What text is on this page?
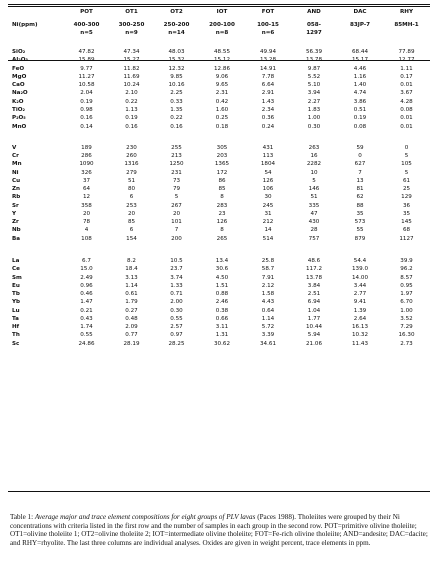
	POT	OT1	OT2	IOT	FOT	AND	DAC	RHY

Ni(ppm)	400-300	300-250	250-200	200-100	100-15	058-	83JP-7	85MH-1
	n=5	n=9	n=14	n=8	n=6	1297		

SiO₂	47.82	47.34	48.03	48.55	49.94	56.39	68.44	77.89
Al₂O₃	15.89	15.27	15.32	15.12	13.28	13.78	15.17	12.77
FeO	9.77	11.82	12.32	12.86	14.91	9.87	4.46	1.11
MgO	11.27	11.69	9.85	9.06	7.78	5.52	1.16	0.17
CaO	10.58	10.24	10.16	9.65	6.64	5.10	1.40	0.01
Na₂O	2.04	2.10	2.25	2.31	2.91	3.94	4.74	3.67
K₂O	0.19	0.22	0.33	0.42	1.43	2.27	3.86	4.28
TiO₂	0.98	1.13	1.35	1.60	2.34	1.83	0.51	0.08
P₂O₅	0.16	0.19	0.22	0.25	0.36	1.00	0.19	0.01
MnO	0.14	0.16	0.16	0.18	0.24	0.30	0.08	0.01

V	189	230	255	305	431	263	59	0
Cr	286	260	213	203	113	16	0	5
Mn	1090	1316	1250	1365	1804	2282	627	105
Ni	326	279	231	172	54	10	7	5
Cu	37	51	73	86	126	5	13	61
Zn	64	80	79	85	106	146	81	25
Rb	12	6	5	8	30	51	62	129
Sr	358	253	267	283	245	335	88	36
Y	20	20	20	23	31	47	35	35
Zr	78	85	101	126	212	430	573	145
Nb	4	6	7	8	14	28	55	68
Ba	108	154	200	265	514	757	879	1127

La	6.7	8.2	10.5	13.4	25.8	48.6	54.4	39.9
Ce	15.0	18.4	23.7	30.6	58.7	117.2	139.0	96.2
Sm	2.49	3.13	3.74	4.50	7.91	13.78	14.00	8.57
Eu	0.96	1.14	1.33	1.51	2.12	3.84	3.44	0.95
Tb	0.46	0.61	0.71	0.88	1.58	2.51	2.77	1.97
Yb	1.47	1.79	2.00	2.46	4.43	6.94	9.41	6.70
Lu	0.21	0.27	0.30	0.38	0.64	1.04	1.39	1.00
Ta	0.43	0.48	0.55	0.66	1.14	1.77	2.64	3.52
Hf	1.74	2.09	2.57	3.11	5.72	10.44	16.13	7.29
Th	0.55	0.77	0.97	1.31	3.39	5.94	10.32	16.30
Sc	24.86	28.19	28.25	30.62	34.61	21.06	11.43	2.73
Table 1: Average major and trace element compositions for eight groups of PLV lavas (Paces 1988). Tholeiites were grouped by their Ni concentrations with criteria listed in the first row and the number of samples in each group in the second row. POT=primitive olivine tholeiite; OT1=olivine tholeiite 1; OT2=olivine tholeiite 2; IOT=intermediate olivine tholeiite; FOT=Fe-rich olivine tholeiite; AND=andesite; DAC=dacite; and RHY=rhyolite. The last three columns are individual analyses. Oxides are given in weight percent, trace elements in ppm.
